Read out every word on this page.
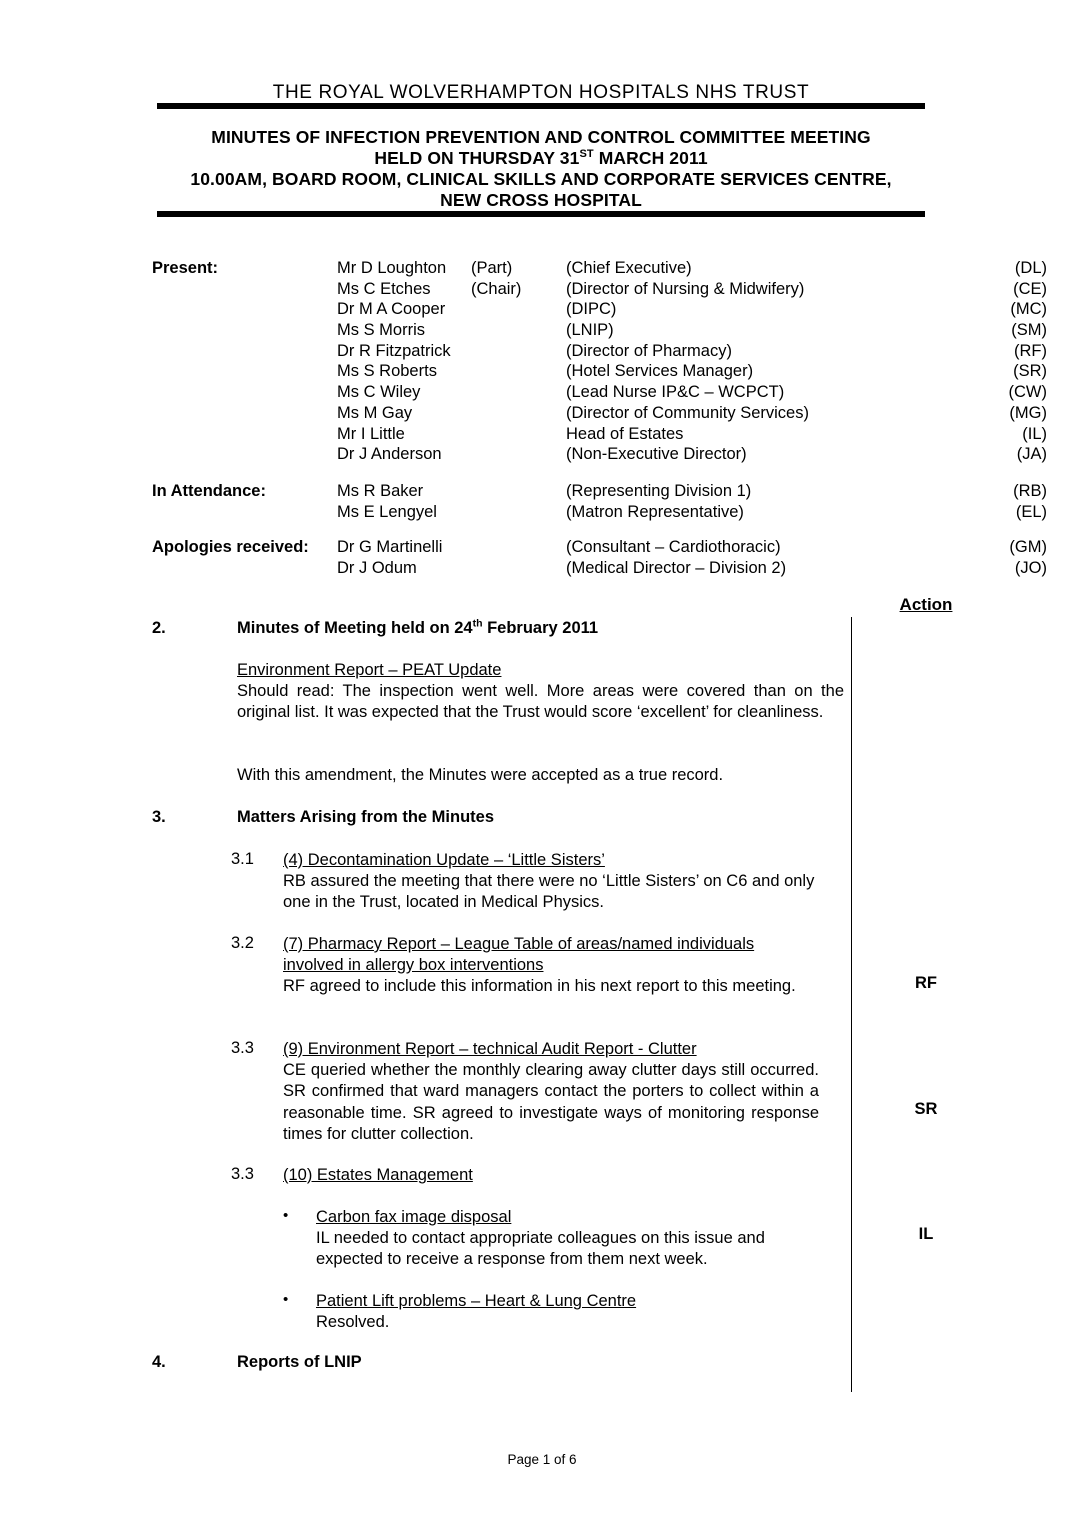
THE ROYAL WOLVERHAMPTON HOSPITALS NHS TRUST
MINUTES OF INFECTION PREVENTION AND CONTROL COMMITTEE MEETING
HELD ON THURSDAY 31ST MARCH 2011
10.00AM, BOARD ROOM, CLINICAL SKILLS AND CORPORATE SERVICES CENTRE,
NEW CROSS HOSPITAL
Present:	Mr D Loughton (Part)	(Chief Executive)	(DL)
Ms C Etches (Chair)	(Director of Nursing & Midwifery)	(CE)
Dr M A Cooper	(DIPC)	(MC)
Ms S Morris	(LNIP)	(SM)
Dr R Fitzpatrick	(Director of Pharmacy)	(RF)
Ms S Roberts	(Hotel Services Manager)	(SR)
Ms C Wiley	(Lead Nurse IP&C – WCPCT)	(CW)
Ms M Gay	(Director of Community Services)	(MG)
Mr I Little	Head of Estates	(IL)
Dr J Anderson	(Non-Executive Director)	(JA)
In Attendance:	Ms R Baker	(Representing Division 1)	(RB)
Ms E Lengyel	(Matron Representative)	(EL)
Apologies received: Dr G Martinelli	(Consultant – Cardiothoracic)	(GM)
Dr J Odum	(Medical Director – Division 2)	(JO)
Action
RF
SR
IL
2.	Minutes of Meeting held on 24th February 2011
Environment Report – PEAT Update
Should read: The inspection went well. More areas were covered than on the original list. It was expected that the Trust would score ‘excellent’ for cleanliness.
With this amendment, the Minutes were accepted as a true record.
3.	Matters Arising from the Minutes
3.1 (4) Decontamination Update – ‘Little Sisters’
RB assured the meeting that there were no ‘Little Sisters’ on C6 and only one in the Trust, located in Medical Physics.
3.2 (7) Pharmacy Report – League Table of areas/named individuals
involved in allergy box interventions
RF agreed to include this information in his next report to this meeting.
3.3 (9) Environment Report – technical Audit Report - Clutter
CE queried whether the monthly clearing away clutter days still occurred. SR confirmed that ward managers contact the porters to collect within a reasonable time. SR agreed to investigate ways of monitoring response times for clutter collection.
3.3 (10) Estates Management
• Carbon fax image disposal
IL needed to contact appropriate colleagues on this issue and expected to receive a response from them next week.
• Patient Lift problems – Heart & Lung Centre
Resolved.
4.	Reports of LNIP
Page 1 of 6
